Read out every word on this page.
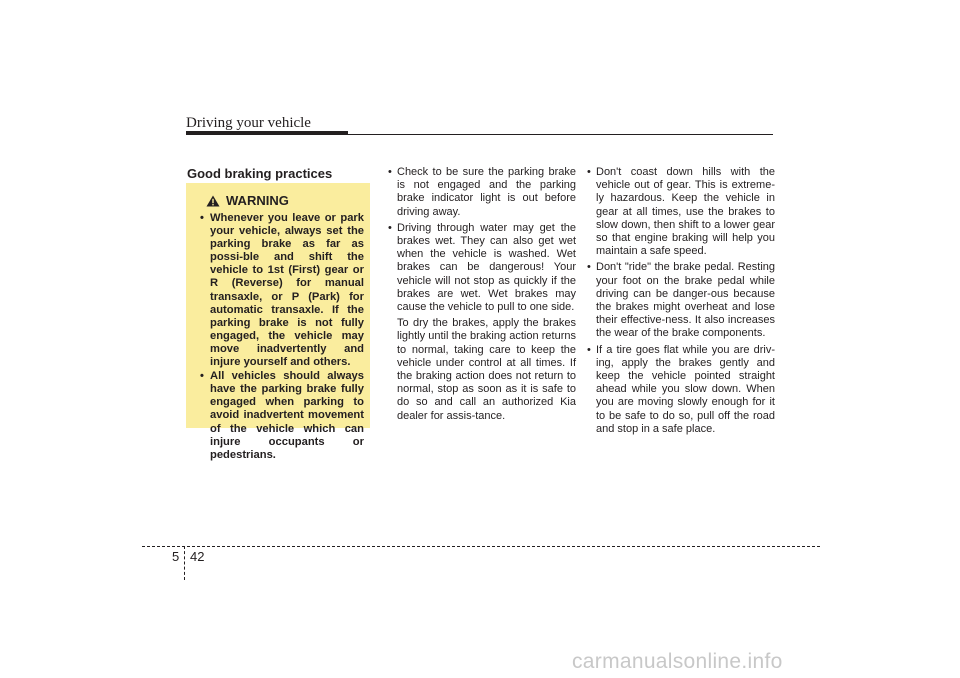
Driving your vehicle
Good braking practices
WARNING
• Whenever you leave or park your vehicle, always set the parking brake as far as possi-ble and shift the vehicle to 1st (First) gear or R (Reverse) for manual transaxle, or P (Park) for automatic transaxle. If the parking brake is not fully engaged, the vehicle may move inadvertently and injure yourself and others.
• All vehicles should always have the parking brake fully engaged when parking to avoid inadvertent movement of the vehicle which can injure occupants or pedestrians.
• Check to be sure the parking brake is not engaged and the parking brake indicator light is out before driving away.
• Driving through water may get the brakes wet. They can also get wet when the vehicle is washed. Wet brakes can be dangerous! Your vehicle will not stop as quickly if the brakes are wet. Wet brakes may cause the vehicle to pull to one side.

To dry the brakes, apply the brakes lightly until the braking action returns to normal, taking care to keep the vehicle under control at all times. If the braking action does not return to normal, stop as soon as it is safe to do so and call an authorized Kia dealer for assis-tance.

• Don't coast down hills with the vehicle out of gear. This is extreme-ly hazardous. Keep the vehicle in gear at all times, use the brakes to slow down, then shift to a lower gear so that engine braking will help you maintain a safe speed.
• Don't "ride" the brake pedal. Resting your foot on the brake pedal while driving can be danger-ous because the brakes might overheat and lose their effective-ness. It also increases the wear of the brake components.
• If a tire goes flat while you are driv-ing, apply the brakes gently and keep the vehicle pointed straight ahead while you slow down. When you are moving slowly enough for it to be safe to do so, pull off the road and stop in a safe place.
5 42
carmanualsonline.info
